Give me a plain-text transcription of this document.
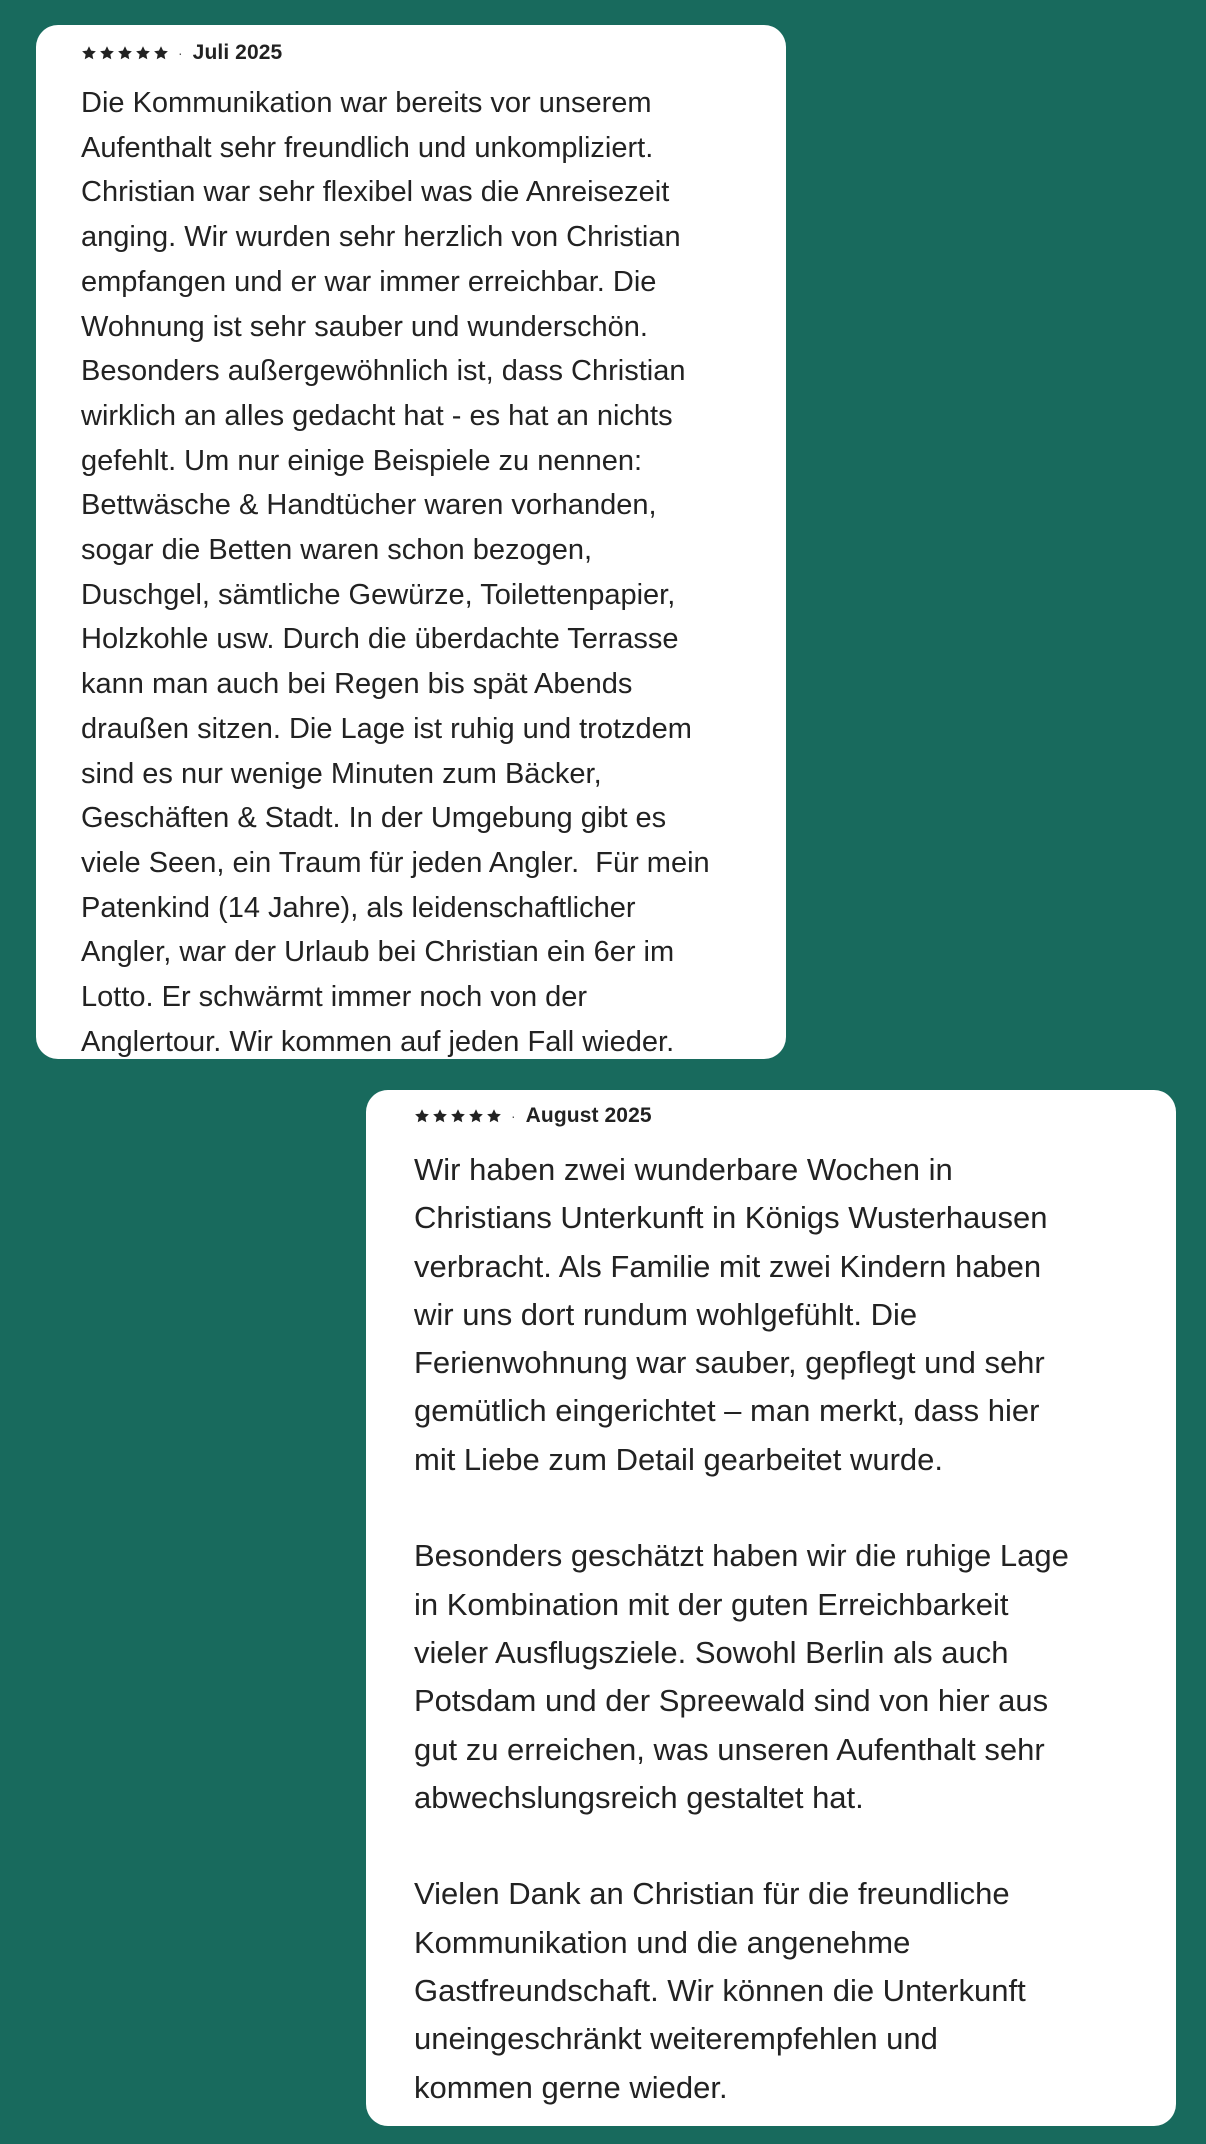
· Juli 2025

Die Kommunikation war bereits vor unserem
Aufenthalt sehr freundlich und unkompliziert.
Christian war sehr flexibel was die Anreisezeit
anging. Wir wurden sehr herzlich von Christian
empfangen und er war immer erreichbar. Die
Wohnung ist sehr sauber und wunderschön.
Besonders außergewöhnlich ist, dass Christian
wirklich an alles gedacht hat - es hat an nichts
gefehlt. Um nur einige Beispiele zu nennen:
Bettwäsche & Handtücher waren vorhanden,
sogar die Betten waren schon bezogen,
Duschgel, sämtliche Gewürze, Toilettenpapier,
Holzkohle usw. Durch die überdachte Terrasse
kann man auch bei Regen bis spät Abends
draußen sitzen. Die Lage ist ruhig und trotzdem
sind es nur wenige Minuten zum Bäcker,
Geschäften & Stadt. In der Umgebung gibt es
viele Seen, ein Traum für jeden Angler.  Für mein
Patenkind (14 Jahre), als leidenschaftlicher
Angler, war der Urlaub bei Christian ein 6er im
Lotto. Er schwärmt immer noch von der
Anglertour. Wir kommen auf jeden Fall wieder.

· August 2025

Wir haben zwei wunderbare Wochen in
Christians Unterkunft in Königs Wusterhausen
verbracht. Als Familie mit zwei Kindern haben
wir uns dort rundum wohlgefühlt. Die
Ferienwohnung war sauber, gepflegt und sehr
gemütlich eingerichtet – man merkt, dass hier
mit Liebe zum Detail gearbeitet wurde.

Besonders geschätzt haben wir die ruhige Lage
in Kombination mit der guten Erreichbarkeit
vieler Ausflugsziele. Sowohl Berlin als auch
Potsdam und der Spreewald sind von hier aus
gut zu erreichen, was unseren Aufenthalt sehr
abwechslungsreich gestaltet hat.

Vielen Dank an Christian für die freundliche
Kommunikation und die angenehme
Gastfreundschaft. Wir können die Unterkunft
uneingeschränkt weiterempfehlen und
kommen gerne wieder.
